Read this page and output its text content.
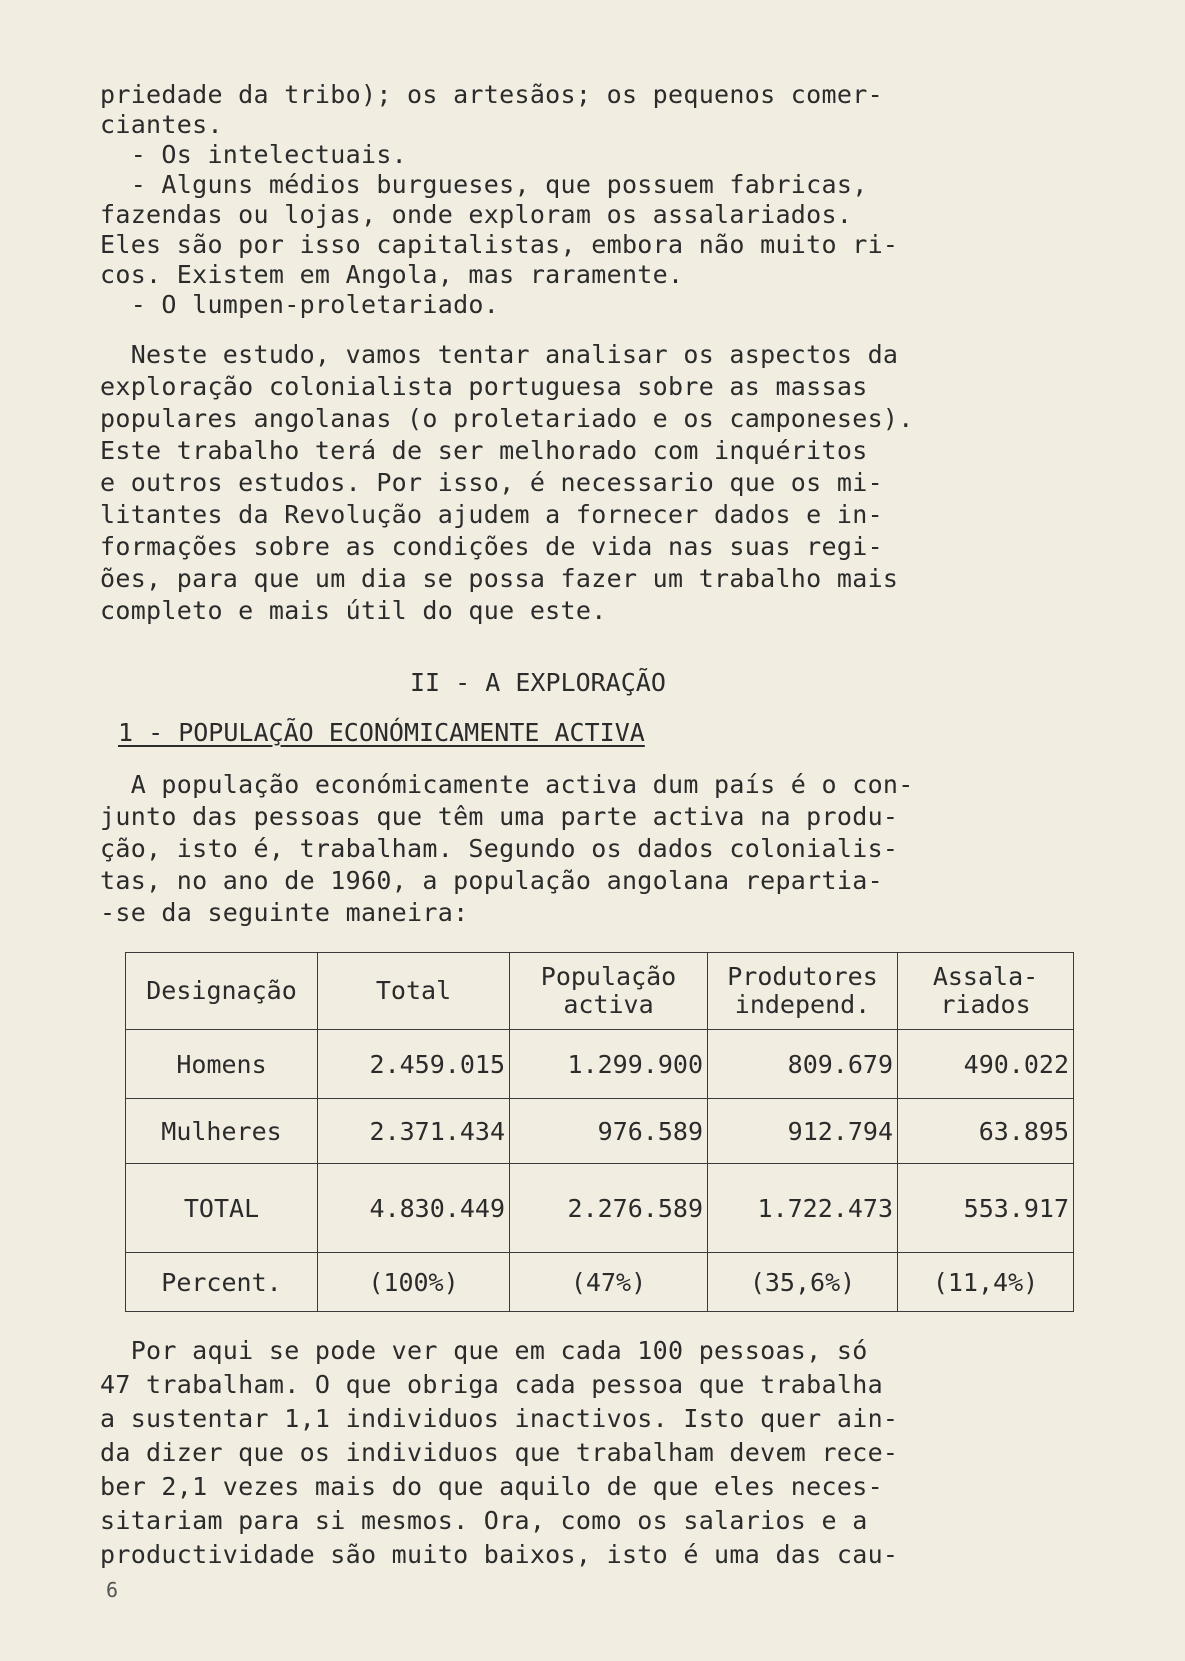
priedade da tribo); os artesãos; os pequenos comer-
ciantes.
- Os intelectuais.
- Alguns médios burgueses, que possuem fabricas,
fazendas ou lojas, onde exploram os assalariados.
Eles são por isso capitalistas, embora não muito ri-
cos. Existem em Angola, mas raramente.
- O lumpen-proletariado.
Neste estudo, vamos tentar analisar os aspectos da
exploração colonialista portuguesa sobre as massas
populares angolanas (o proletariado e os camponeses).
Este trabalho terá de ser melhorado com inquéritos
e outros estudos. Por isso, é necessario que os mi-
litantes da Revolução ajudem a fornecer dados e in-
formações sobre as condições de vida nas suas regi-
ões, para que um dia se possa fazer um trabalho mais
completo e mais útil do que este.
II - A EXPLORAÇÃO
1 - POPULAÇÃO ECONÓMICAMENTE ACTIVA
A população económicamente activa dum país é o con-
junto das pessoas que têm uma parte activa na produ-
ção, isto é, trabalham. Segundo os dados colonialis-
tas, no ano de 1960, a população angolana repartia-
-se da seguinte maneira:
Designação	Total	População activa	Produtores independ.	Assala- riados
Homens	2.459.015	1.299.900	809.679	490.022
Mulheres	2.371.434	976.589	912.794	63.895
TOTAL	4.830.449	2.276.589	1.722.473	553.917
Percent.	(100%)	(47%)	(35,6%)	(11,4%)
Por aqui se pode ver que em cada 100 pessoas, só
47 trabalham. O que obriga cada pessoa que trabalha
a sustentar 1,1 individuos inactivos. Isto quer ain-
da dizer que os individuos que trabalham devem rece-
ber 2,1 vezes mais do que aquilo de que eles neces-
sitariam para si mesmos. Ora, como os salarios e a
productividade são muito baixos, isto é uma das cau-
6
